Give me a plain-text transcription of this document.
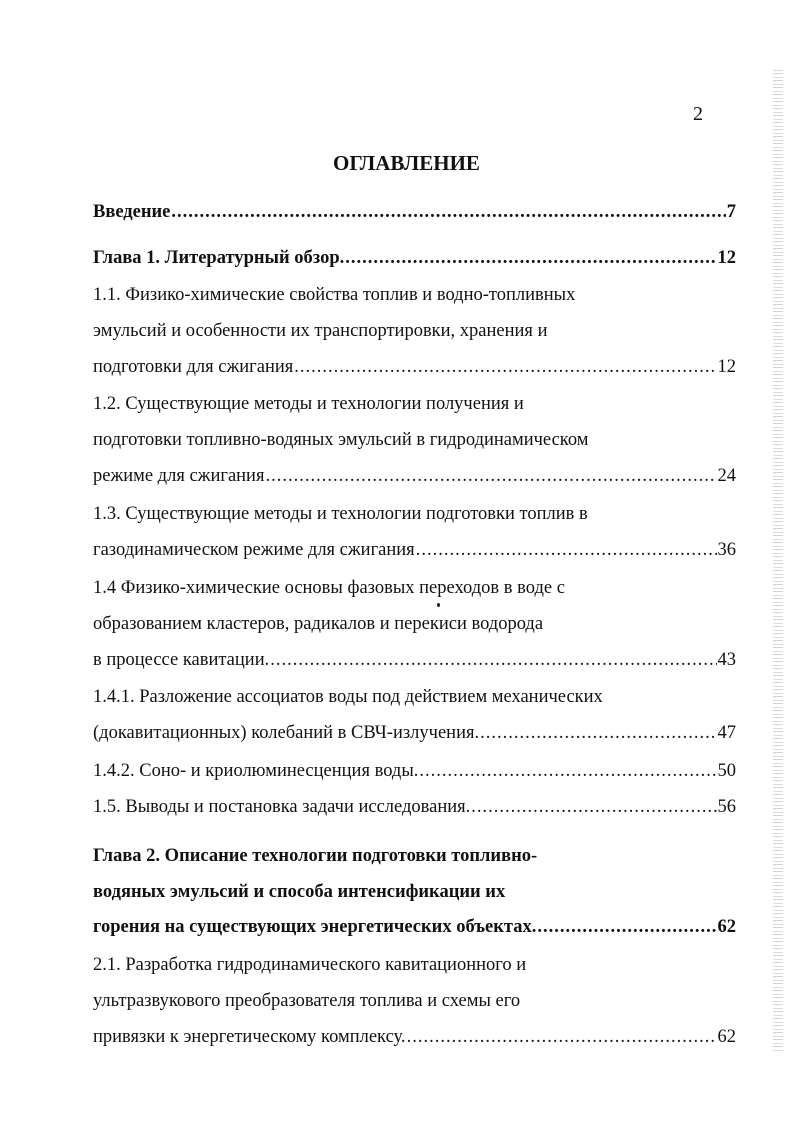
2
ОГЛАВЛЕНИЕ
Введение .....	7
Глава 1. Литературный обзор. .....	12
1.1. Физико-химические свойства топлив и водно-топливных
эмульсий и особенности их транспортировки, хранения и
подготовки для сжигания .....	12
1.2. Существующие методы и технологии получения и
подготовки топливно-водяных эмульсий в гидродинамическом
режиме для сжигания .....	24
1.3. Существующие методы и технологии подготовки топлив в
газодинамическом режиме для сжигания .....	36
1.4 Физико-химические основы фазовых переходов в воде с
образованием кластеров, радикалов и перекиси водорода
в процессе кавитации. .....	43
1.4.1. Разложение ассоциатов воды под действием механических
(докавитационных) колебаний в СВЧ-излучения. .....	47
1.4.2. Соно- и криолюминесценция воды. .....	50
1.5. Выводы и постановка задачи исследования. .....	56
Глава 2. Описание технологии подготовки топливно-
водяных эмульсий и способа интенсификации их
горения на существующих энергетических объектах. .....	62
2.1. Разработка гидродинамического кавитационного и
ультразвукового преобразователя топлива и схемы его
привязки к энергетическому комплексу. .....	62
